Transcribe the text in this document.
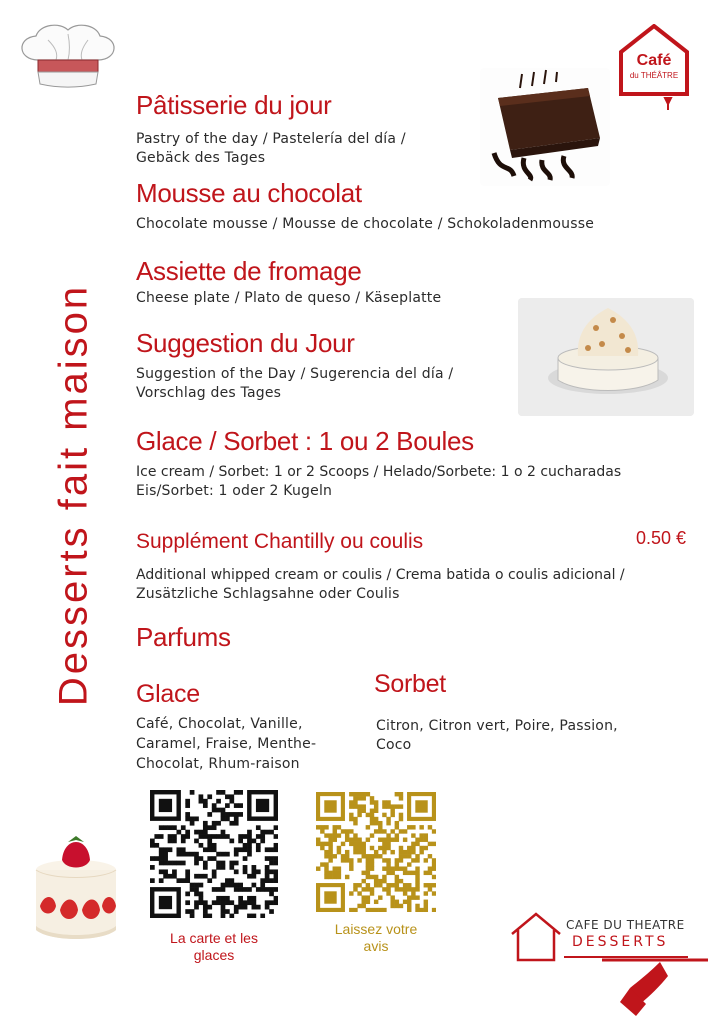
Café
du THÉÂTRE
Desserts fait maison
Pâtisserie du jour
Pastry of the day / Pastelería del día /
Gebäck des Tages
Mousse au chocolat
Chocolate mousse / Mousse de chocolate / Schokoladenmousse
Assiette de fromage
Cheese plate / Plato de queso / Käseplatte
Suggestion du Jour
Suggestion of the Day / Sugerencia del día /
Vorschlag des Tages
Glace / Sorbet : 1 ou 2 Boules
Ice cream / Sorbet: 1 or 2 Scoops / Helado/Sorbete: 1 o 2 cucharadas
Eis/Sorbet: 1 oder 2 Kugeln
Supplément Chantilly ou coulis	0.50 €
Additional whipped cream or coulis / Crema batida o coulis adicional /
Zusätzliche Schlagsahne oder Coulis
Parfums
Glace
Café, Chocolat, Vanille,
Caramel, Fraise, Menthe-
Chocolat, Rhum-raison
Sorbet
Citron, Citron vert, Poire, Passion,
Coco
La carte et les
glaces
Laissez votre
avis
CAFE DU THEATRE
DESSERTS
